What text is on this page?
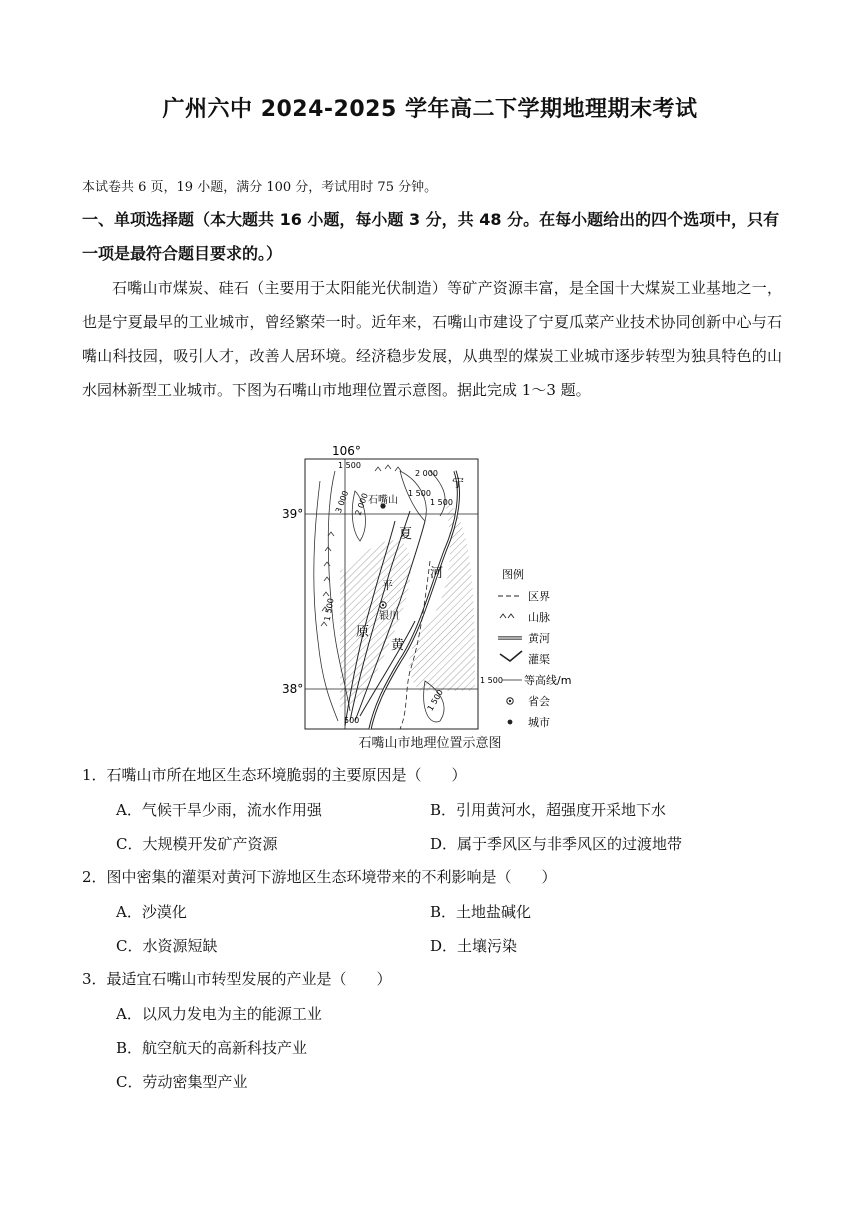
广州六中 2024-2025 学年高二下学期地理期末考试
本试卷共 6 页，19 小题，满分 100 分，考试用时 75 分钟。
一、单项选择题（本大题共 16 小题，每小题 3 分，共 48 分。在每小题给出的四个选项中，只有一项是最符合题目要求的。）
石嘴山市煤炭、硅石（主要用于太阳能光伏制造）等矿产资源丰富，是全国十大煤炭工业基地之一，也是宁夏最早的工业城市，曾经繁荣一时。近年来，石嘴山市建设了宁夏瓜菜产业技术协同创新中心与石嘴山科技园，吸引人才，改善人居环境。经济稳步发展，从典型的煤炭工业城市逐步转型为独具特色的山水园林新型工业城市。下图为石嘴山市地理位置示意图。据此完成 1～3 题。
106°
39°
38°
1 500
2 000
1 500
3 000 2 000	1 500
1 500
1 500
500
石嘴山
宁
夏
河
平
银川
原
黄
图例
区界
山脉
黄河
灌渠
1 500 等高线/m
省会
城市
石嘴山市地理位置示意图
1．石嘴山市所在地区生态环境脆弱的主要原因是（　　）
A．气候干旱少雨，流水作用强	B．引用黄河水，超强度开采地下水
C．大规模开发矿产资源	D．属于季风区与非季风区的过渡地带
2．图中密集的灌渠对黄河下游地区生态环境带来的不利影响是（　　）
A．沙漠化	B．土地盐碱化
C．水资源短缺	D．土壤污染
3．最适宜石嘴山市转型发展的产业是（　　）
A．以风力发电为主的能源工业
B．航空航天的高新科技产业
C．劳动密集型产业
